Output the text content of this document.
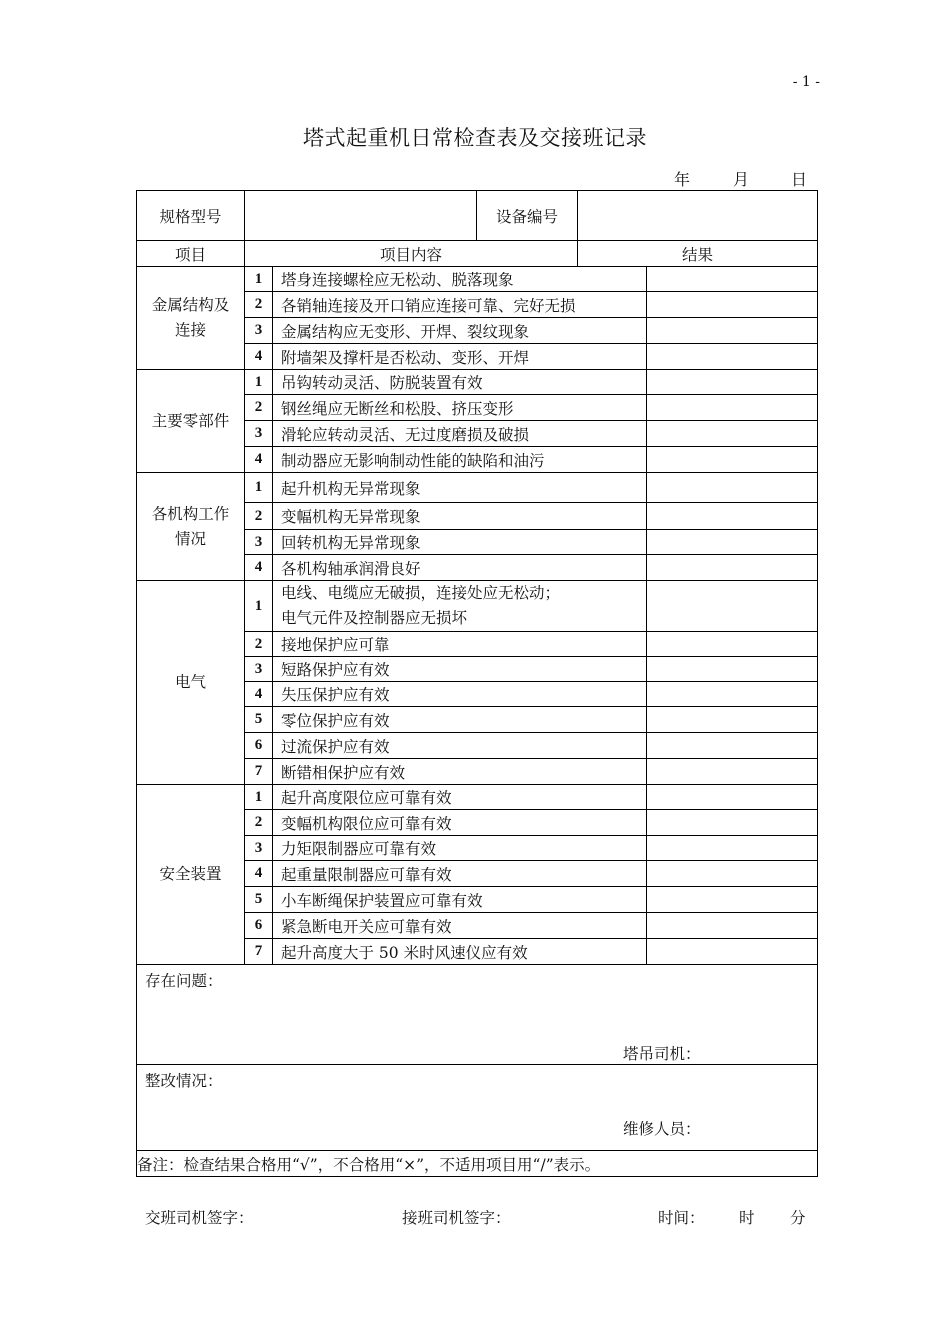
- 1 -
塔式起重机日常检查表及交接班记录
年	月	日
规格型号			设备编号		
项目	项目内容			结果	
金属结构及
连接	1	塔身连接螺栓应无松动、脱落现象			
	2	各销轴连接及开口销应连接可靠、完好无损			
	3	金属结构应无变形、开焊、裂纹现象			
	4	附墙架及撑杆是否松动、变形、开焊			
主要零部件	1	吊钩转动灵活、防脱装置有效			
	2	钢丝绳应无断丝和松股、挤压变形			
	3	滑轮应转动灵活、无过度磨损及破损			
	4	制动器应无影响制动性能的缺陷和油污			
各机构工作
情况	1	起升机构无异常现象			
	2	变幅机构无异常现象			
	3	回转机构无异常现象			
	4	各机构轴承润滑良好			
电气	1	电线、电缆应无破损，连接处应无松动；
电气元件及控制器应无损坏			

	2	接地保护应可靠			
	3	短路保护应有效			
	4	失压保护应有效			
	5	零位保护应有效			
	6	过流保护应有效			
	7	断错相保护应有效			
安全装置	1	起升高度限位应可靠有效			
	2	变幅机构限位应可靠有效			
	3	力矩限制器应可靠有效			
	4	起重量限制器应可靠有效			
	5	小车断绳保护装置应可靠有效			
	6	紧急断电开关应可靠有效			
	7	起升高度大于 50 米时风速仪应有效			

存在问题：
塔吊司机：					

整改情况：
维修人员：					

备注：检查结果合格用“√”，不合格用“×”，不适用项目用“/”表示。					
交班司机签字：	接班司机签字：	时间： 时 分
